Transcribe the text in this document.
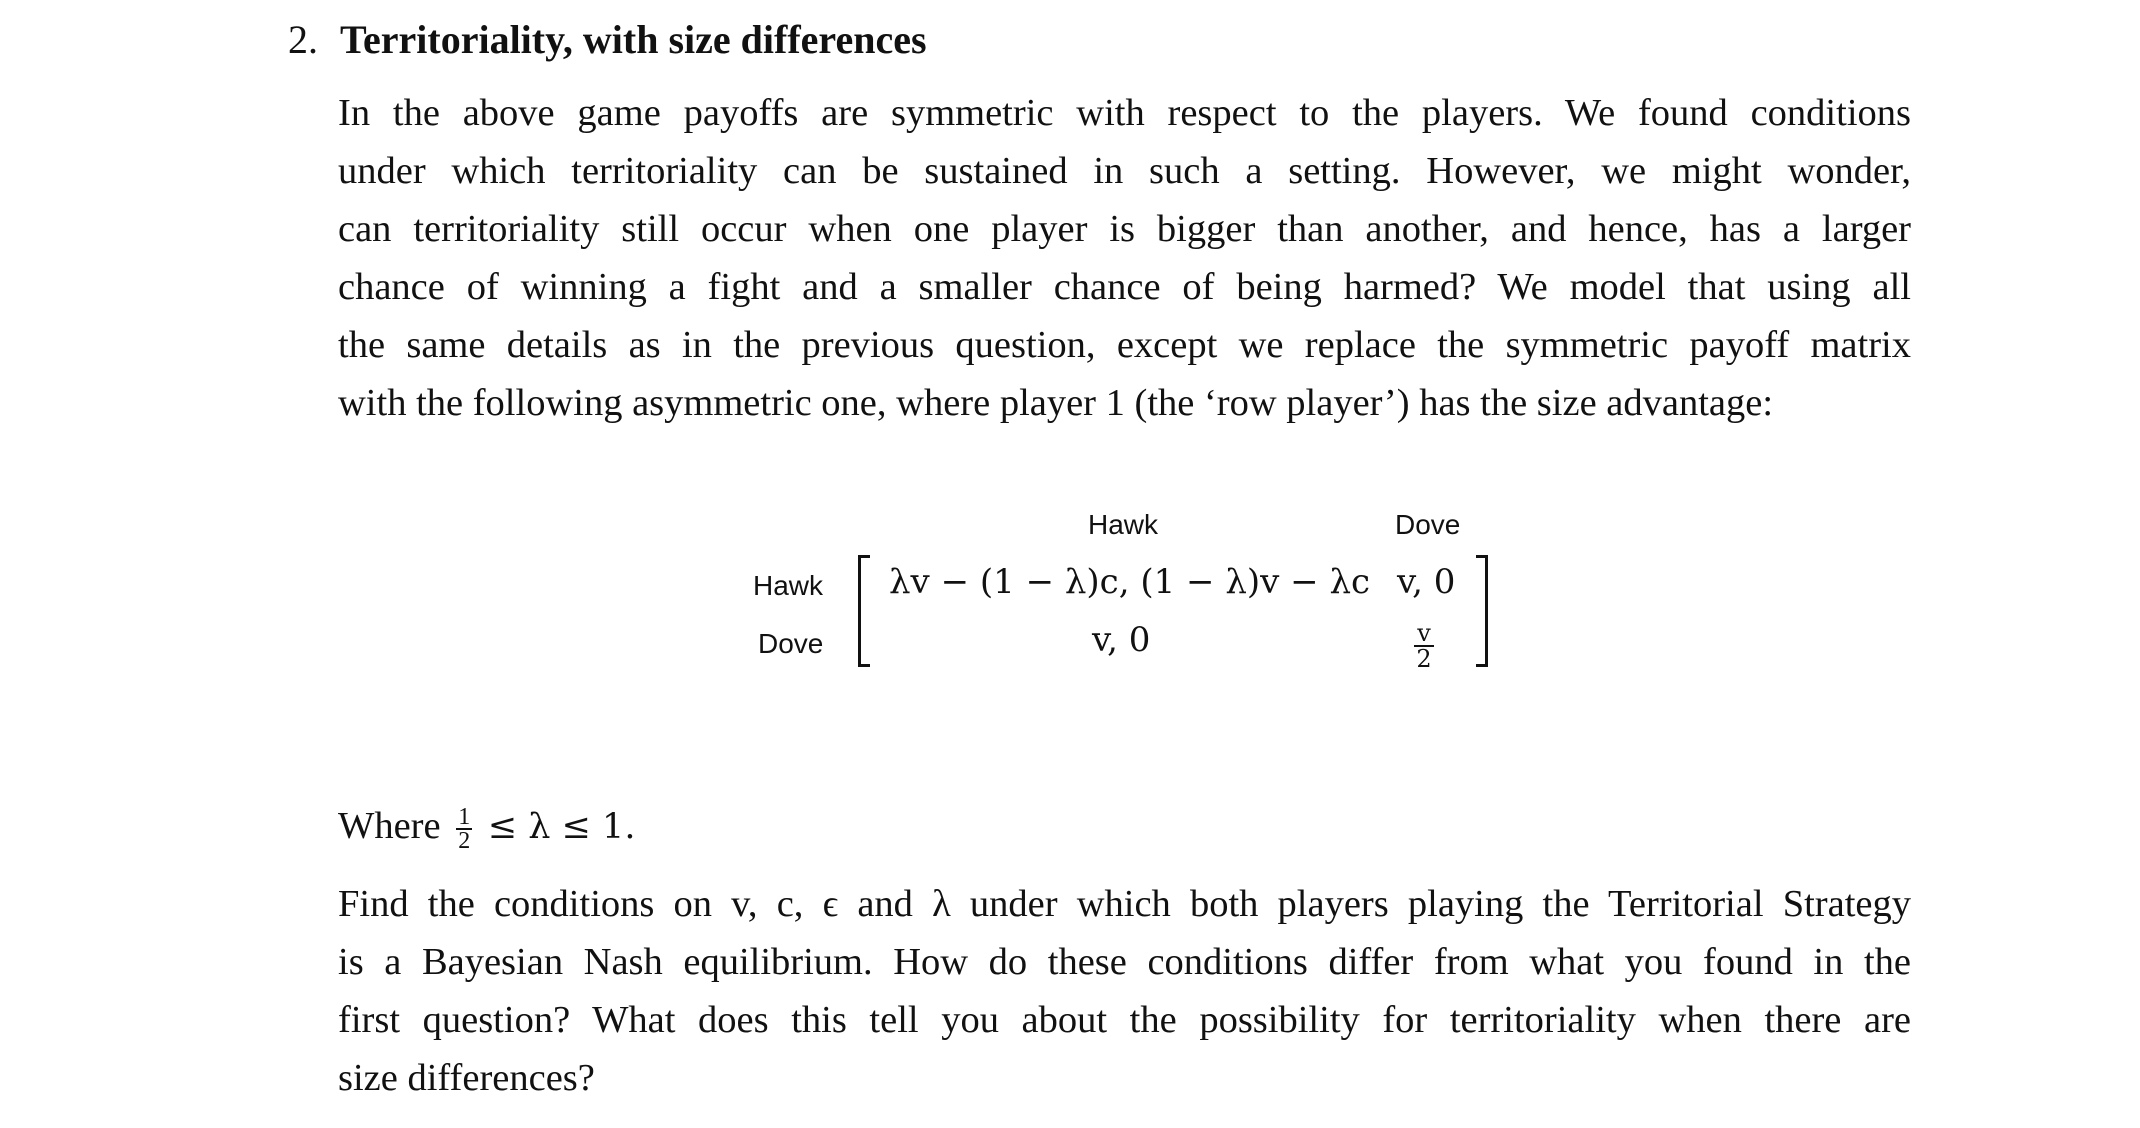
2. Territoriality, with size differences
In the above game payoffs are symmetric with respect to the players. We found conditions
under which territoriality can be sustained in such a setting. However, we might wonder,
can territoriality still occur when one player is bigger than another, and hence, has a larger
chance of winning a fight and a smaller chance of being harmed? We model that using all
the same details as in the previous question, except we replace the symmetric payoff matrix
with the following asymmetric one, where player 1 (the ‘row player’) has the size advantage:
Hawk	Dove
Hawk
Dove
λv − (1 − λ)c, (1 − λ)v − λc v, 0
v, 0	$\frac{v}{2}$
Where $\frac{1}{2} \le \lambda \le 1$.
Find the conditions on v, c, ϵ and λ under which both players playing the Territorial Strategy
is a Bayesian Nash equilibrium. How do these conditions differ from what you found in the
first question? What does this tell you about the possibility for territoriality when there are
size differences?
